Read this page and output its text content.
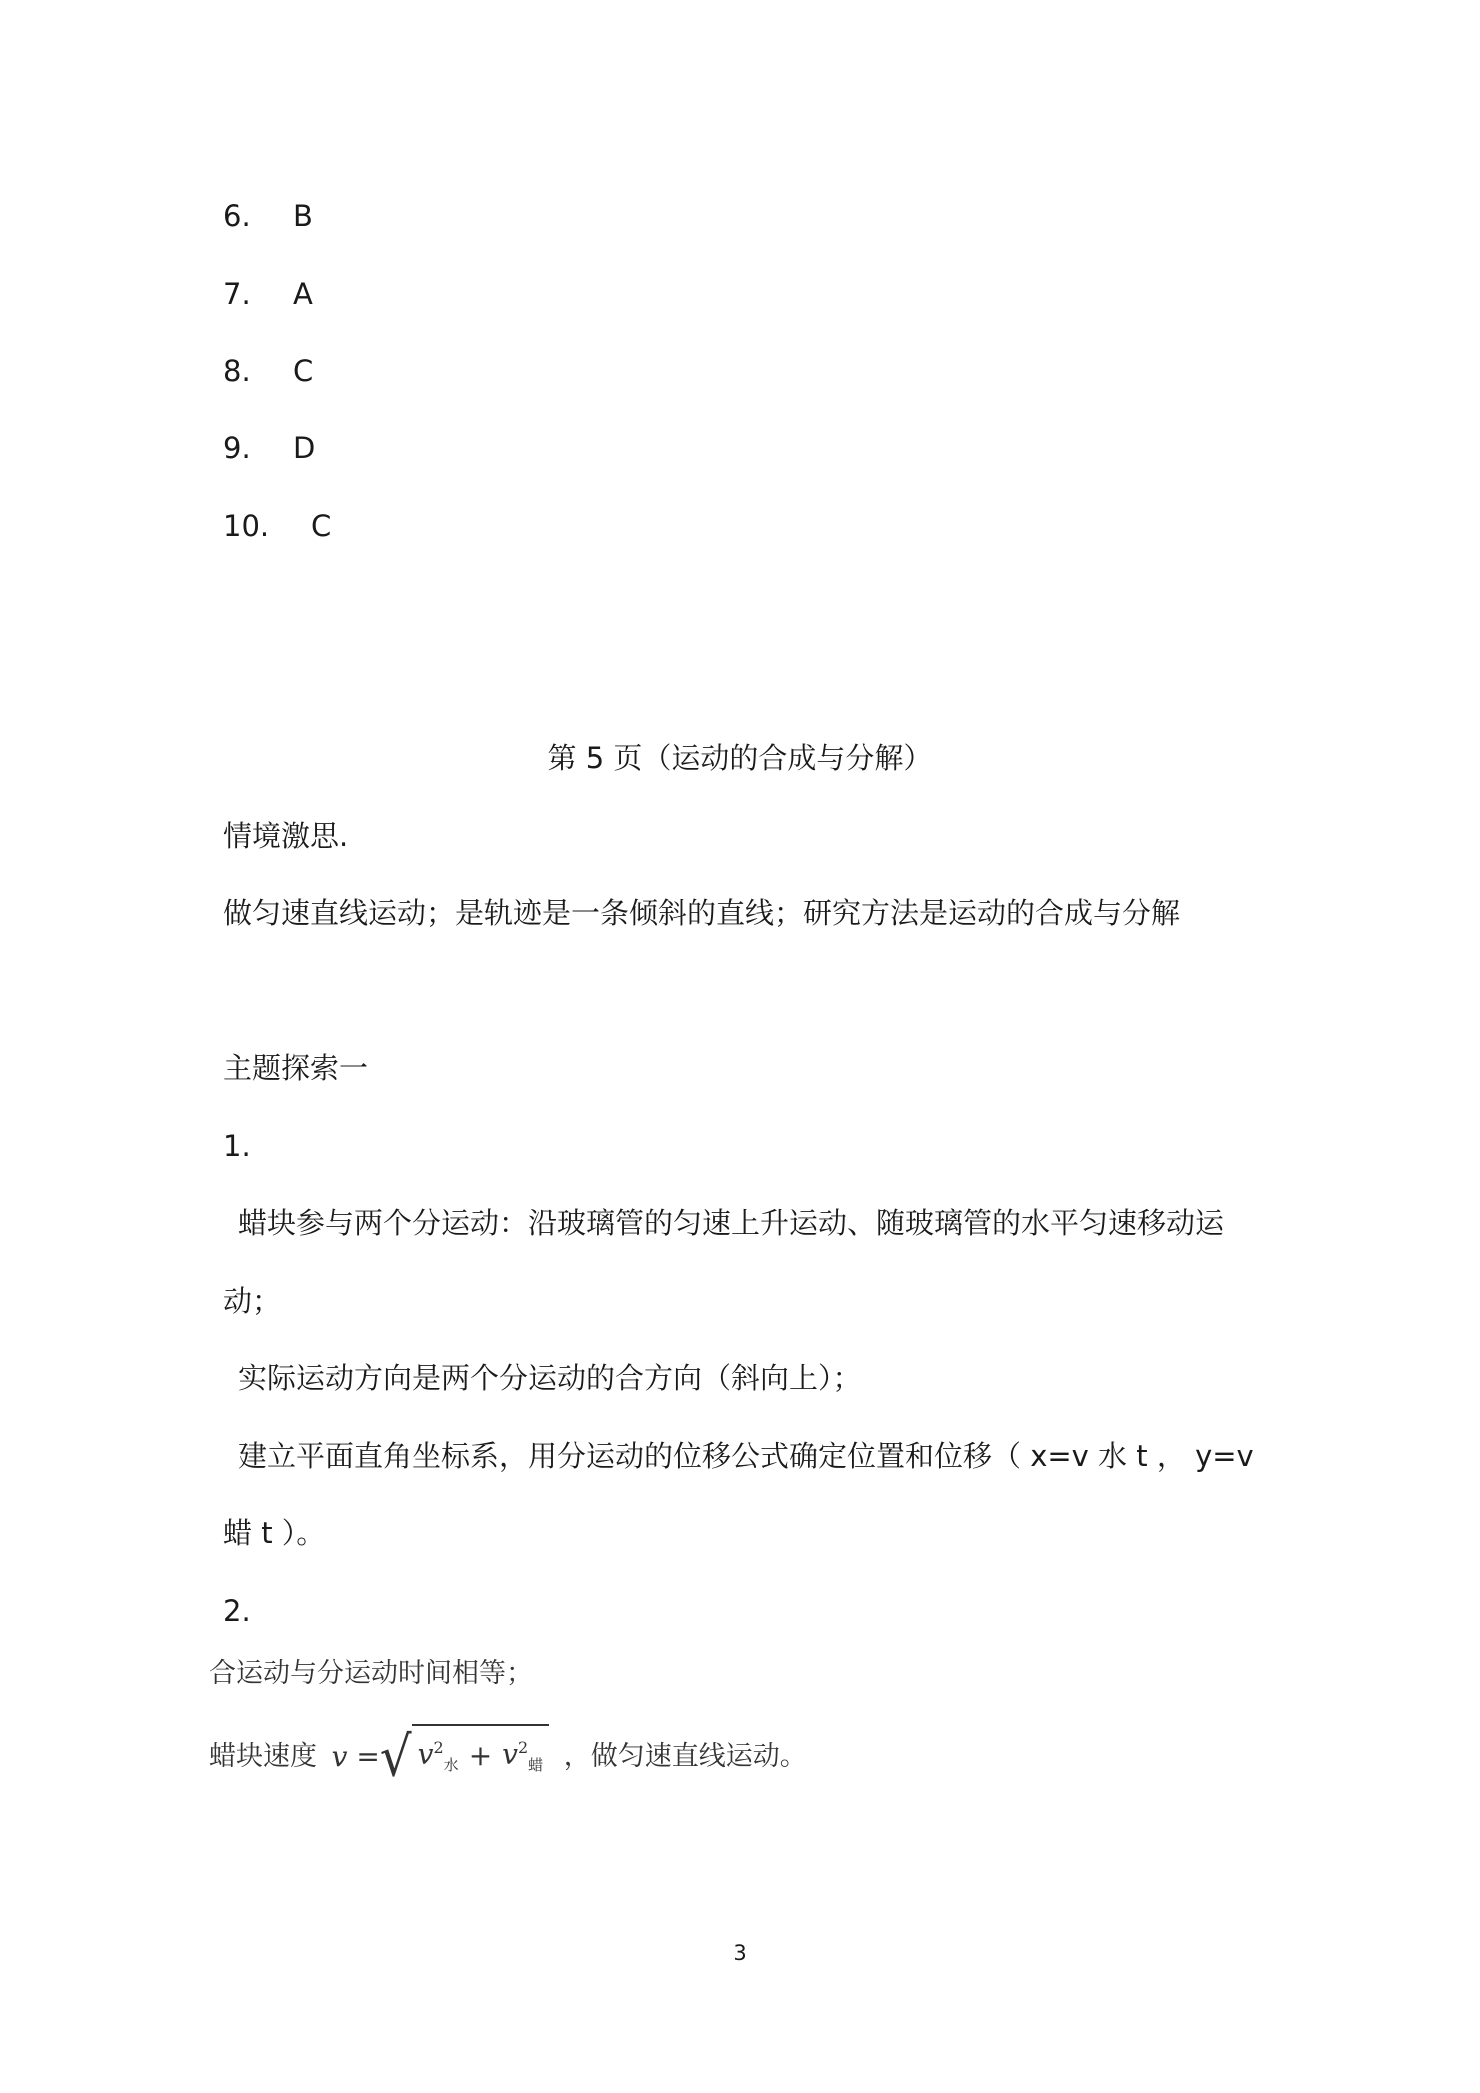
6. B
7. A
8. C
9. D
10. C
第 5 页（运动的合成与分解）
情境激思.
做匀速直线运动；是轨迹是一条倾斜的直线；研究方法是运动的合成与分解
主题探索一
1.
蜡块参与两个分运动：沿玻璃管的匀速上升运动、随玻璃管的水平匀速移动运
动；
实际运动方向是两个分运动的合方向（斜向上）；
建立平面直角坐标系，用分运动的位移公式确定位置和位移（ x=v 水 t ， y=v
蜡 t ）。
2.
合运动与分运动时间相等；
蜡块速度 v = √ $v^2_水 + v^2_蜡$ ，做匀速直线运动。
3
